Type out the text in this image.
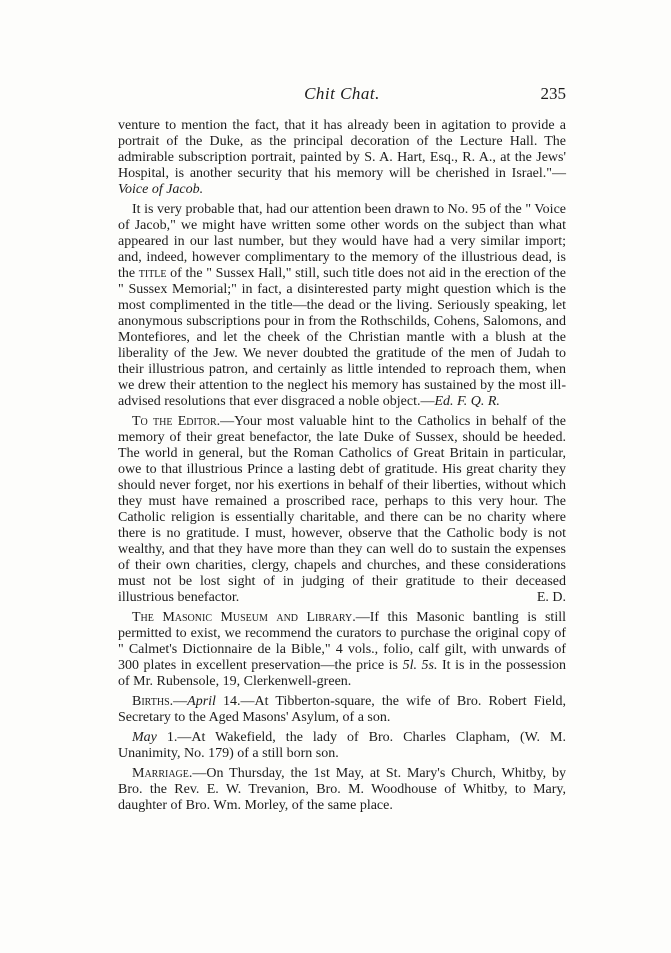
Chit Chat.	235

venture to mention the fact, that it has already been in agitation to provide a portrait of the Duke, as the principal decoration of the Lecture Hall. The admirable subscription portrait, painted by S. A. Hart, Esq., R. A., at the Jews' Hospital, is another security that his memory will be cherished in Israel."—Voice of Jacob.

It is very probable that, had our attention been drawn to No. 95 of the " Voice of Jacob," we might have written some other words on the subject than what appeared in our last number, but they would have had a very similar import; and, indeed, however complimentary to the memory of the illustrious dead, is the title of the " Sussex Hall," still, such title does not aid in the erection of the " Sussex Memorial;" in fact, a disinterested party might question which is the most complimented in the title—the dead or the living. Seriously speaking, let anonymous subscriptions pour in from the Rothschilds, Cohens, Salomons, and Montefiores, and let the cheek of the Christian mantle with a blush at the liberality of the Jew. We never doubted the gratitude of the men of Judah to their illustrious patron, and certainly as little intended to reproach them, when we drew their attention to the neglect his memory has sustained by the most ill-advised resolutions that ever disgraced a noble object.—Ed. F. Q. R.

To the Editor.—Your most valuable hint to the Catholics in behalf of the memory of their great benefactor, the late Duke of Sussex, should be heeded. The world in general, but the Roman Catholics of Great Britain in particular, owe to that illustrious Prince a lasting debt of gratitude. His great charity they should never forget, nor his exertions in behalf of their liberties, without which they must have remained a proscribed race, perhaps to this very hour. The Catholic religion is essentially charitable, and there can be no charity where there is no gratitude. I must, however, observe that the Catholic body is not wealthy, and that they have more than they can well do to sustain the expenses of their own charities, clergy, chapels and churches, and these considerations must not be lost sight of in judging of their gratitude to their deceased illustrious benefactor.	E. D.

The Masonic Museum and Library.—If this Masonic bantling is still permitted to exist, we recommend the curators to purchase the original copy of " Calmet's Dictionnaire de la Bible," 4 vols., folio, calf gilt, with unwards of 300 plates in excellent preservation—the price is 5l. 5s. It is in the possession of Mr. Rubensole, 19, Clerkenwell-green.

Births.—April 14.—At Tibberton-square, the wife of Bro. Robert Field, Secretary to the Aged Masons' Asylum, of a son.

May 1.—At Wakefield, the lady of Bro. Charles Clapham, (W. M. Unanimity, No. 179) of a still born son.

Marriage.—On Thursday, the 1st May, at St. Mary's Church, Whitby, by Bro. the Rev. E. W. Trevanion, Bro. M. Woodhouse of Whitby, to Mary, daughter of Bro. Wm. Morley, of the same place.
